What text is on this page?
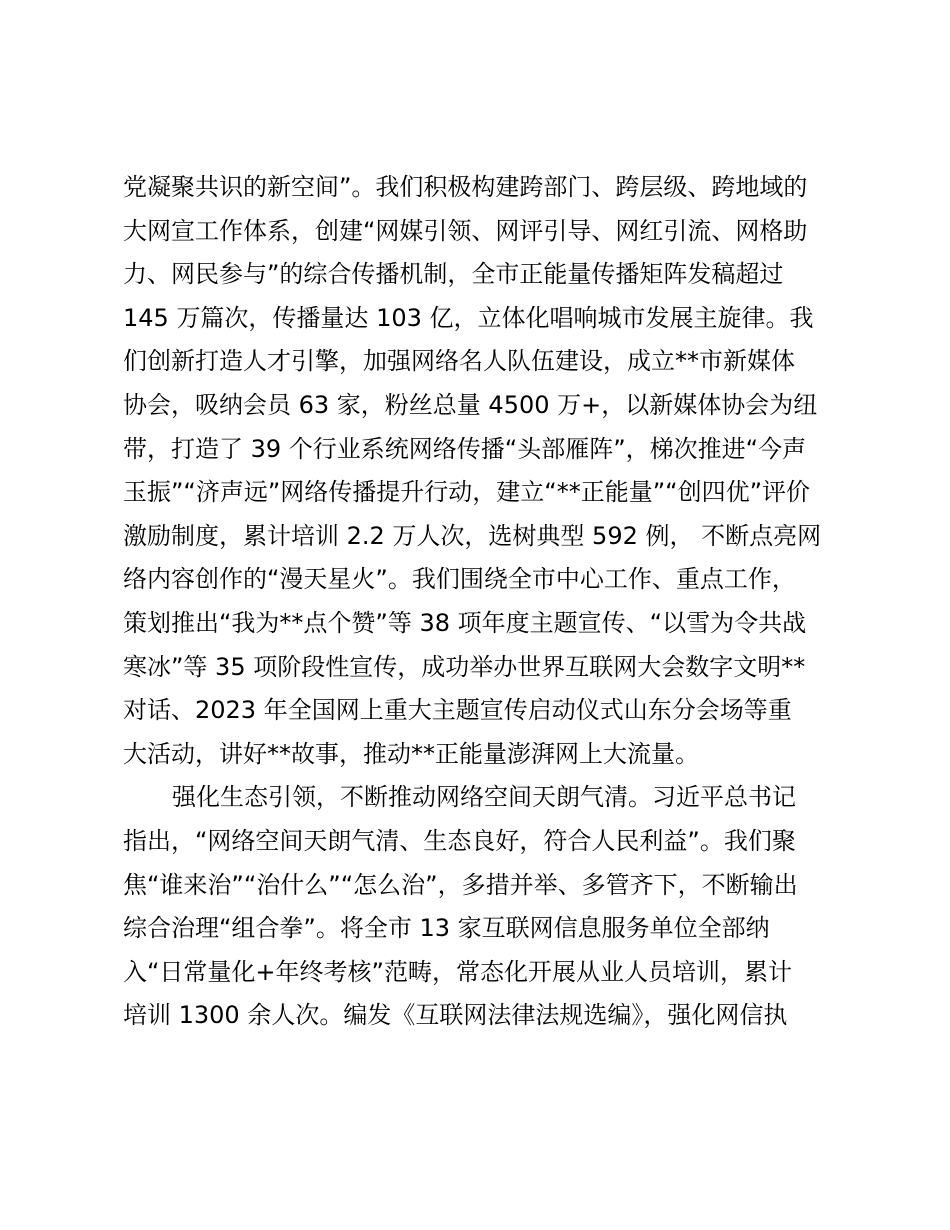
党凝聚共识的新空间”。我们积极构建跨部门、跨层级、跨地域的
大网宣工作体系，创建“网媒引领、网评引导、网红引流、网格助
力、网民参与”的综合传播机制，全市正能量传播矩阵发稿超过
145 万篇次，传播量达 103 亿，立体化唱响城市发展主旋律。我
们创新打造人才引擎，加强网络名人队伍建设，成立**市新媒体
协会，吸纳会员 63 家，粉丝总量 4500 万+，以新媒体协会为纽
带，打造了 39 个行业系统网络传播“头部雁阵”，梯次推进“今声
玉振”“济声远”网络传播提升行动，建立“**正能量”“创四优”评价
激励制度，累计培训 2.2 万人次，选树典型 592 例， 不断点亮网
络内容创作的“漫天星火”。我们围绕全市中心工作、重点工作，
策划推出“我为**点个赞”等 38 项年度主题宣传、“以雪为令共战
寒冰”等 35 项阶段性宣传，成功举办世界互联网大会数字文明**
对话、2023 年全国网上重大主题宣传启动仪式山东分会场等重
大活动，讲好**故事，推动**正能量澎湃网上大流量。
强化生态引领，不断推动网络空间天朗气清。习近平总书记
指出，“网络空间天朗气清、生态良好，符合人民利益”。我们聚
焦“谁来治”“治什么”“怎么治”，多措并举、多管齐下，不断输出
综合治理“组合拳”。将全市 13 家互联网信息服务单位全部纳
入“日常量化+年终考核”范畴，常态化开展从业人员培训，累计
培训 1300 余人次。编发《互联网法律法规选编》，强化网信执
